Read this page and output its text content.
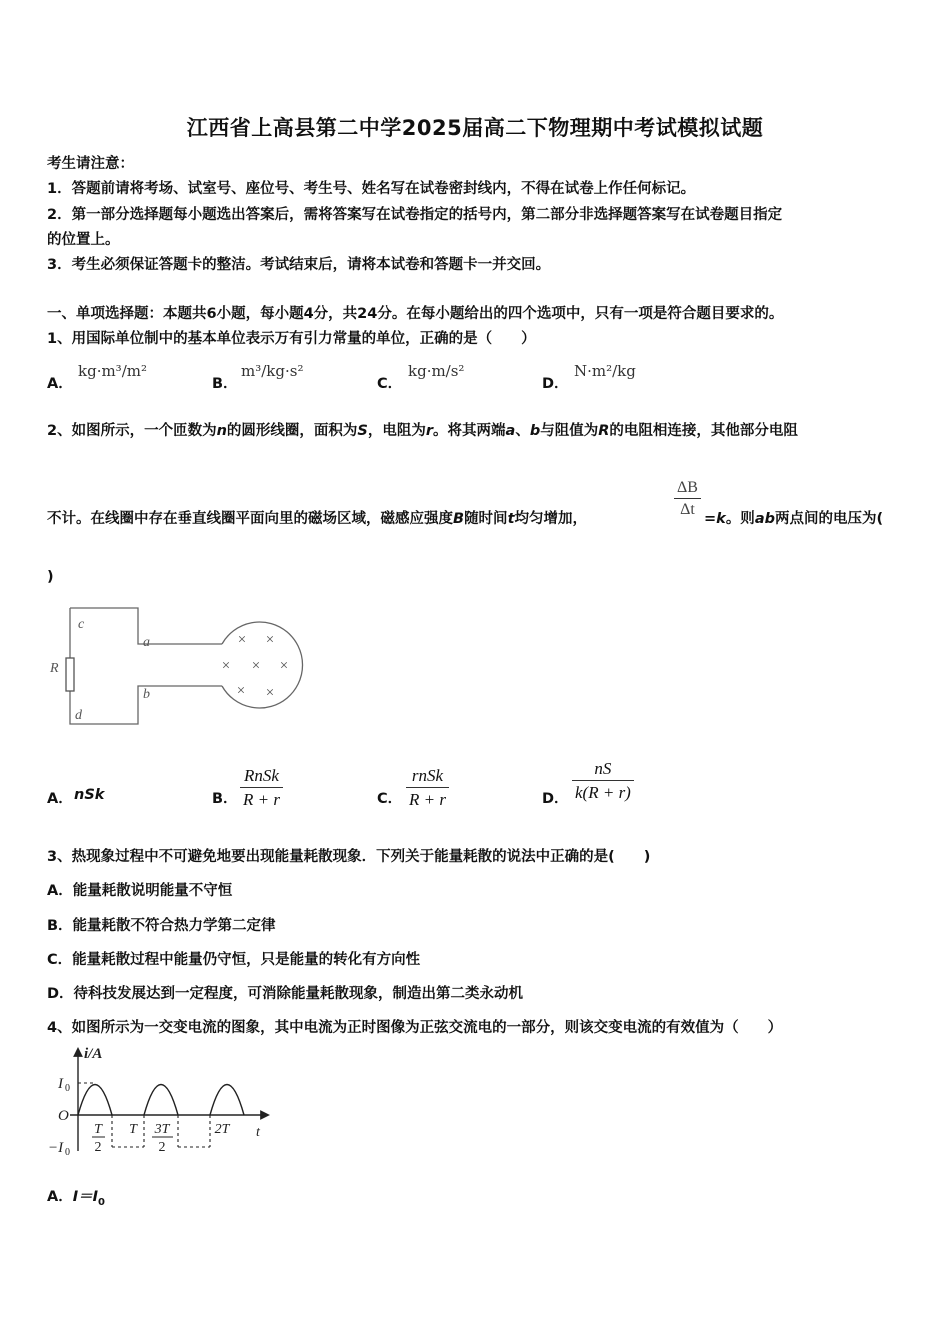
江西省上高县第二中学2025届高二下物理期中考试模拟试题
考生请注意：
1．答题前请将考场、试室号、座位号、考生号、姓名写在试卷密封线内，不得在试卷上作任何标记。
2．第一部分选择题每小题选出答案后，需将答案写在试卷指定的括号内，第二部分非选择题答案写在试卷题目指定
的位置上。
3．考生必须保证答题卡的整洁。考试结束后，请将本试卷和答题卡一并交回。
一、单项选择题：本题共6小题，每小题4分，共24分。在每小题给出的四个选项中，只有一项是符合题目要求的。
1、用国际单位制中的基本单位表示万有引力常量的单位，正确的是（　　）
A．
kg·m³/m²
B．
m³/kg·s²
C．
kg·m/s²
D．
N·m²/kg
2、如图所示，一个匝数为n的圆形线圈，面积为S，电阻为r。将其两端a、b与阻值为R的电阻相连接，其他部分电阻
不计。在线圈中存在垂直线圈平面向里的磁场区域，磁感应强度B随时间t均匀增加，	$\frac{\Delta B}{\Delta t} =k$。则ab两点间的电压为(
)
c
a
R
b
d
× ×
× × ×
× ×
A． nSk	B． $\frac{\text{RnSk}}{R + r}$	C． $\frac{\text{rnSk}}{R + r}$	D． $\frac{nS}{k(R + r)}$
3、热现象过程中不可避免地要出现能量耗散现象．下列关于能量耗散的说法中正确的是(　　)
A．能量耗散说明能量不守恒
B．能量耗散不符合热力学第二定律
C．能量耗散过程中能量仍守恒，只是能量的转化有方向性
D．待科技发展达到一定程度，可消除能量耗散现象，制造出第二类永动机
4、如图所示为一交变电流的图象，其中电流为正时图像为正弦交流电的一部分，则该交变电流的有效值为（　　）
i/A
I 0
O
−I 0
T
2
T 3T
2
2T t
A．$I=I_0$
